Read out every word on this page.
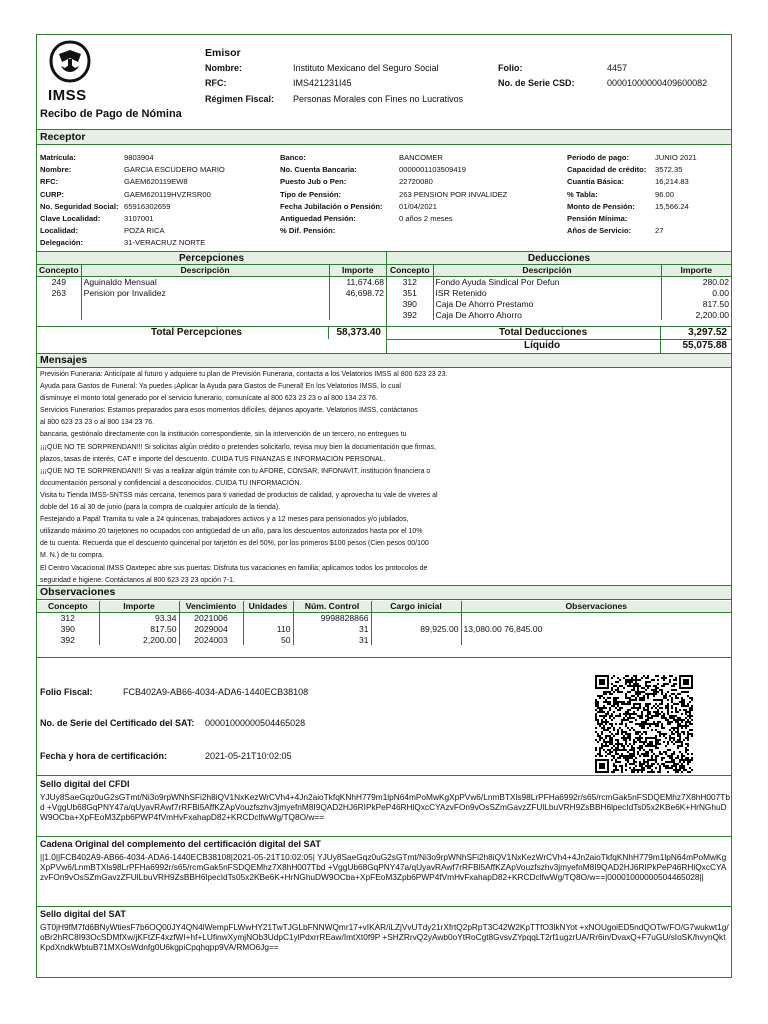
IMSS
Emisor
Nombre:	Instituto Mexicano del Seguro Social
RFC:	IMS421231I45
Régimen Fiscal: Personas Morales con Fines no Lucrativos
Folio:	4457
No. de Serie CSD:	00001000000409600082
Recibo de Pago de Nómina
Receptor
Matrícula:	9803904
Nombre:	GARCIA ESCUDERO MARIO
RFC:	GAEM620119EW8
CURP:	GAEM620119HVZRSR00
No. Seguridad Social: 65916302659
Clave Localidad:	3107001
Localidad:	POZA RICA
Delegación:	31-VERACRUZ NORTE
Banco:	BANCOMER
No. Cuenta Bancaria:	0000001103509419
Puesto Jub o Pen:	22720080
Tipo de Pensión:	263 PENSION POR INVALIDEZ
Fecha Jubilación o Pensión: 01/04/2021
Antiguedad Pensión:	0 años 2 meses
% Dif. Pensión:
Periodo de pago:	JUNIO 2021
Capacidad de crédito: 3572.35
Cuantia Básica:	16,214.83
% Tabla:	96.00
Monto de Pensión:	15,566.24
Pensión Mínima:
Años de Servicio:	27
Percepciones
Concepto	Descripción	Importe
249	Aguinaldo Mensual	11,674.68
263	Pension por Invalidez	46,698.72

Deducciones
Concepto	Descripción	Importe
312	Fondo Ayuda Sindical Por Defun	280.02
351	ISR Retenido	0.00
390	Caja De Ahorro Prestamo	817.50
392	Caja De Ahorro Ahorro	2,200.00
Total Percepciones	58,373.40	Total Deducciones	3,297.52
Líquido	55,075.88
Mensajes
Previsión Funeraria: Anticípate al futuro y adquiere tu plan de Previsión Funeraria, contacta a los Velatorios IMSS al 800 623 23 23.
Ayuda para Gastos de Funeral: Ya puedes ¡Aplicar la Ayuda para Gastos de Funeral! En los Velatorios IMSS, lo cual
disminuye el monto total generado por el servicio funerario, comunícate al 800 623 23 23 o al 800 134 23 76.
Servicios Funerarios: Estamos preparados para esos momentos difíciles, déjanos apoyarte. Velatorios IMSS, contáctanos
al 800 623 23 23 o al 800 134 23 76.
bancaria, gestiónalo directamente con la institución correspondiente, sin la intervención de un tercero, no entregues tu
¡¡¡QUE NO TE SORPRENDAN!!! Si solicitas algún crédito o pretendes solicitarlo, revisa muy bien la documentación que firmas,
plazos, tasas de interés, CAT e importe del descuento. CUIDA TUS FINANZAS E INFORMACIÓN PERSONAL.
¡¡¡QUE NO TE SORPRENDAN!!! Si vas a realizar algún trámite con tu AFORE, CONSAR, INFONAVIT, institución financiera o
documentación personal y confidencial a desconocidos. CUIDA TU INFORMACIÓN.
Visita tu Tienda IMSS-SNTSS más cercana, tenemos para ti variedad de productos de calidad, y aprovecha tu vale de viveres al
doble del 16 al 30 de junio (para la compra de cualquier artículo de la tienda).
Festejando a Papá! Tramita tu vale a 24 quincenas, trabajadores activos y a 12 meses para pensionados y/o jubilados,
utilizando máximo 20 tarjetones no ocupados con antigüedad de un año, para los descuentos autorizados hasta por el 10%
de tu cuenta. Recuerda que el descuento quincenal por tarjetón es del 50%, por los primeros $100 pesos (Cien pesos 00/100
M. N.) de tu compra.
El Centro Vacacional IMSS Oaxtepec abre sus puertas: Disfruta tus vacaciones en familia; aplicamos todos los protocolos de
seguridad e higiene. Contáctanos al 800 623 23 23 opción 7-1.
Observaciones
Concepto	Importe	Vencimiento	Unidades	Núm. Control	Cargo inicial	Observaciones
312	93.34	2021006		9998828866		
390	817.50	2029004	110	31	89,925.00	13,080.00 76,845.00
392	2,200.00	2024003	50	31		
Folio Fiscal:	FCB402A9-AB66-4034-ADA6-1440ECB38108
No. de Serie del Certificado del SAT: 00001000000504465028
Fecha y hora de certificación:	2021-05-21T10:02:05
Sello digital del CFDI
YJUy8SaeGqz0uG2sGTmt/Ni3o9rpWNhSFi2h8iQV1NxKezWrCVh4+4Jn2aioTkfqKNhH779m1lpN64mPoMwKgXpPVw6/LnmBTXls98LrPFHa6992r/s65/rcmGak5nFSDQEMhz7X8hH007Tbd +VggUb68GqPNY47a/qUyavRAwf7rRFBl5AffKZApVouzfszhv3jmyefnM8I9QAD2HJ6RIPkPeP46RHlQxcCYAzvFOn9vOsSZmGavzZFUlLbuVRH9ZsBBH6lpecIdTs05x2KBe6K+HrNGhuDW9OCba+XpFEoM3Zpb6PWP4fVmHvFxahapD82+KRCDclfwWg/TQ8O/w==
Cadena Original del complemento del certificación digital del SAT
||1.0||FCB402A9-AB66-4034-ADA6-1440ECB38108|2021-05-21T10:02:05| YJUy8SaeGqz0uG2sGTmt/Ni3o9rpWNhSFi2h8iQV1NxKezWrCVh4+4Jn2aioTkfqKNhH779m1lpN64mPoMwKgXpPVw6/LnmBTXls98LrPFHa6992r/s65/rcmGak5nFSDQEMhz7X8hH007Tbd +VggUb68GqPNY47a/qUyavRAwf7rRFBl5AffKZApVouzfszhv3jmyefnM8I9QAD2HJ6RIPkPeP46RHlQxcCYAzvFOn9vOsSZmGavzZFUlLbuVRH9ZsBBH6lpecIdTs05x2KBe6K+HrNGhuDW9OCba+XpFEoM3Zpb6PWP4fVmHvFxahapD82+KRCDclfwWg/TQ8O/w==|00001000000504465028||
Sello digital del SAT
GT0jH9fM7fd6BNyWtiesF7b6OQ00JY4QN4lWempFLWwHY21TwTJGLbFNNWQmr17+vIKAR/iLZjVvUTdy21rXfrtQ2pRpT3C42W2KpTTfO3lkNYot +xNOUgoiED5ndQOTw/FO/G7wukwt1g/oBr2hRC8I93OcSDMfXw/jKFtZF4xzfWI+hf+LUfinwXymjNOb3UdpC1ylPdxrrREaw/ImtXt0f9P +SHZRrvQ2yAwb0oYtRoCgt8GvsvZYpqqLT2rf1ugzrUA/Rr6in/DvaxQ+F7uGU/sIoSK/hvynQktKpdXndkWbtuB71MXOsWdnfg0U6kgpiCpqhqpp9VA/RMO6Jg==
